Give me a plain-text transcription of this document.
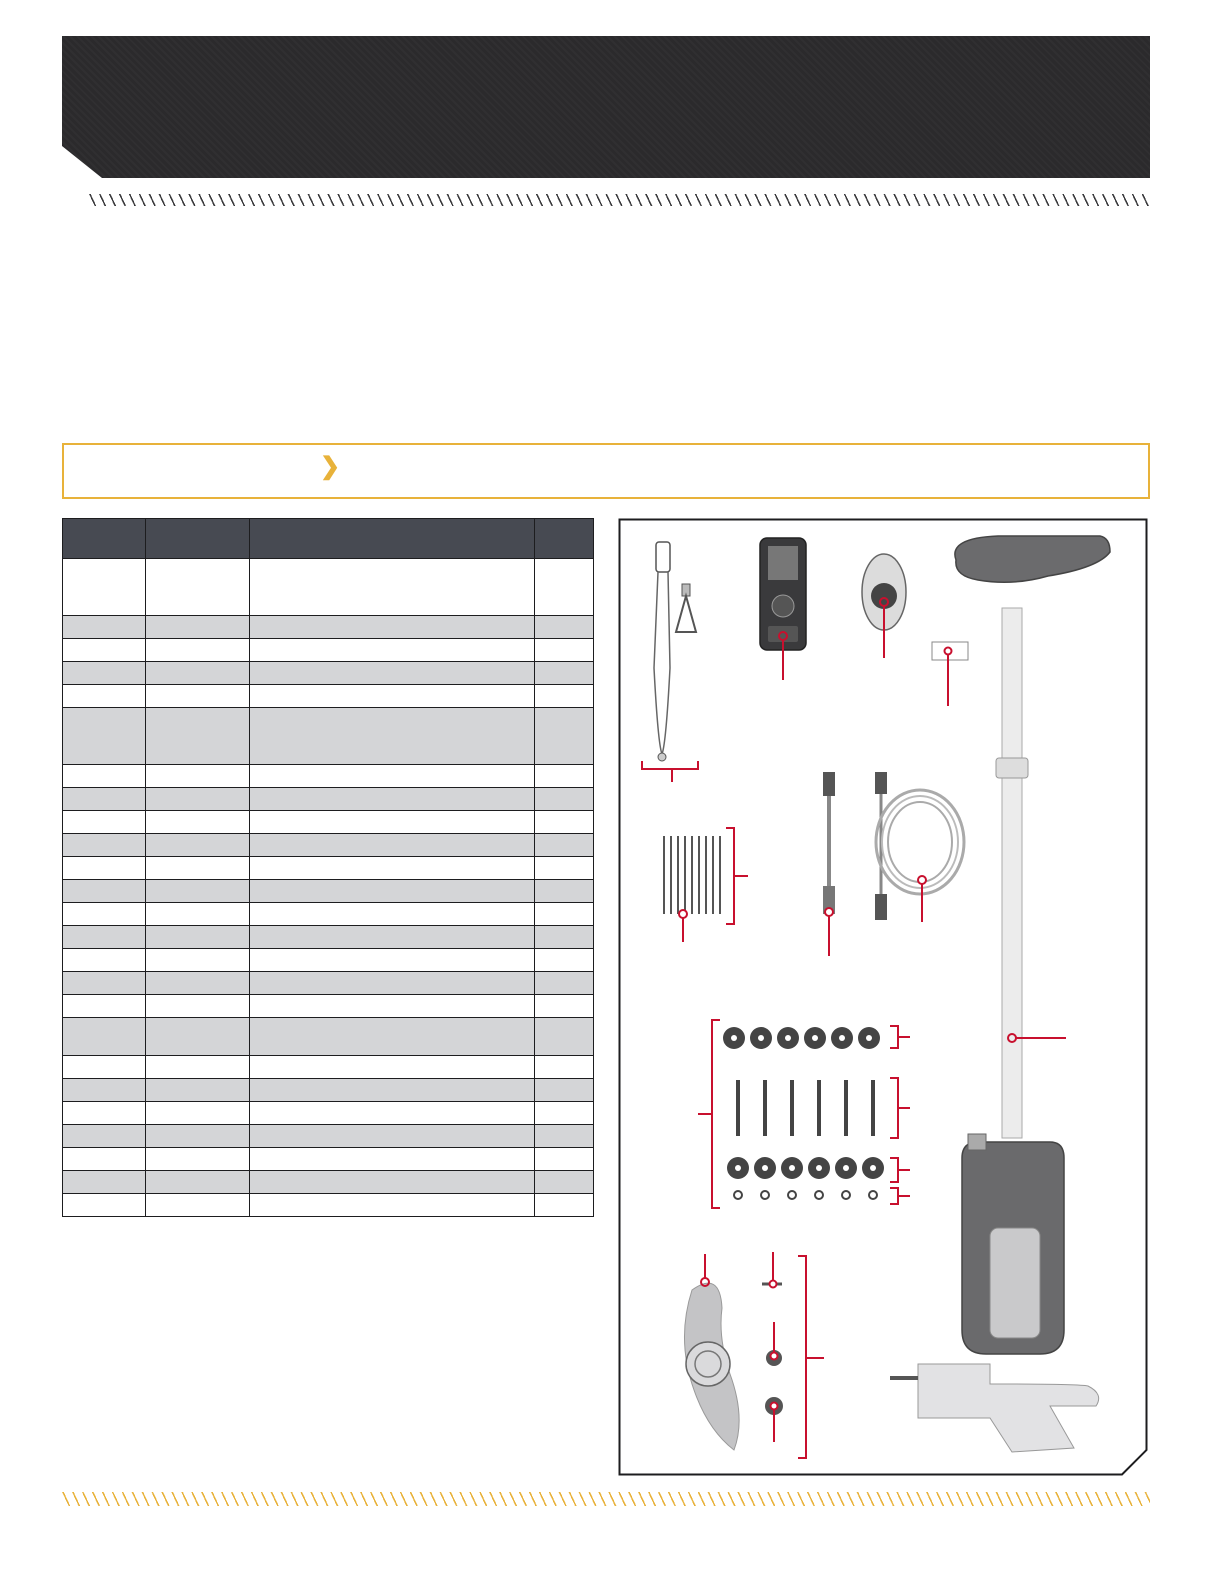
❯
